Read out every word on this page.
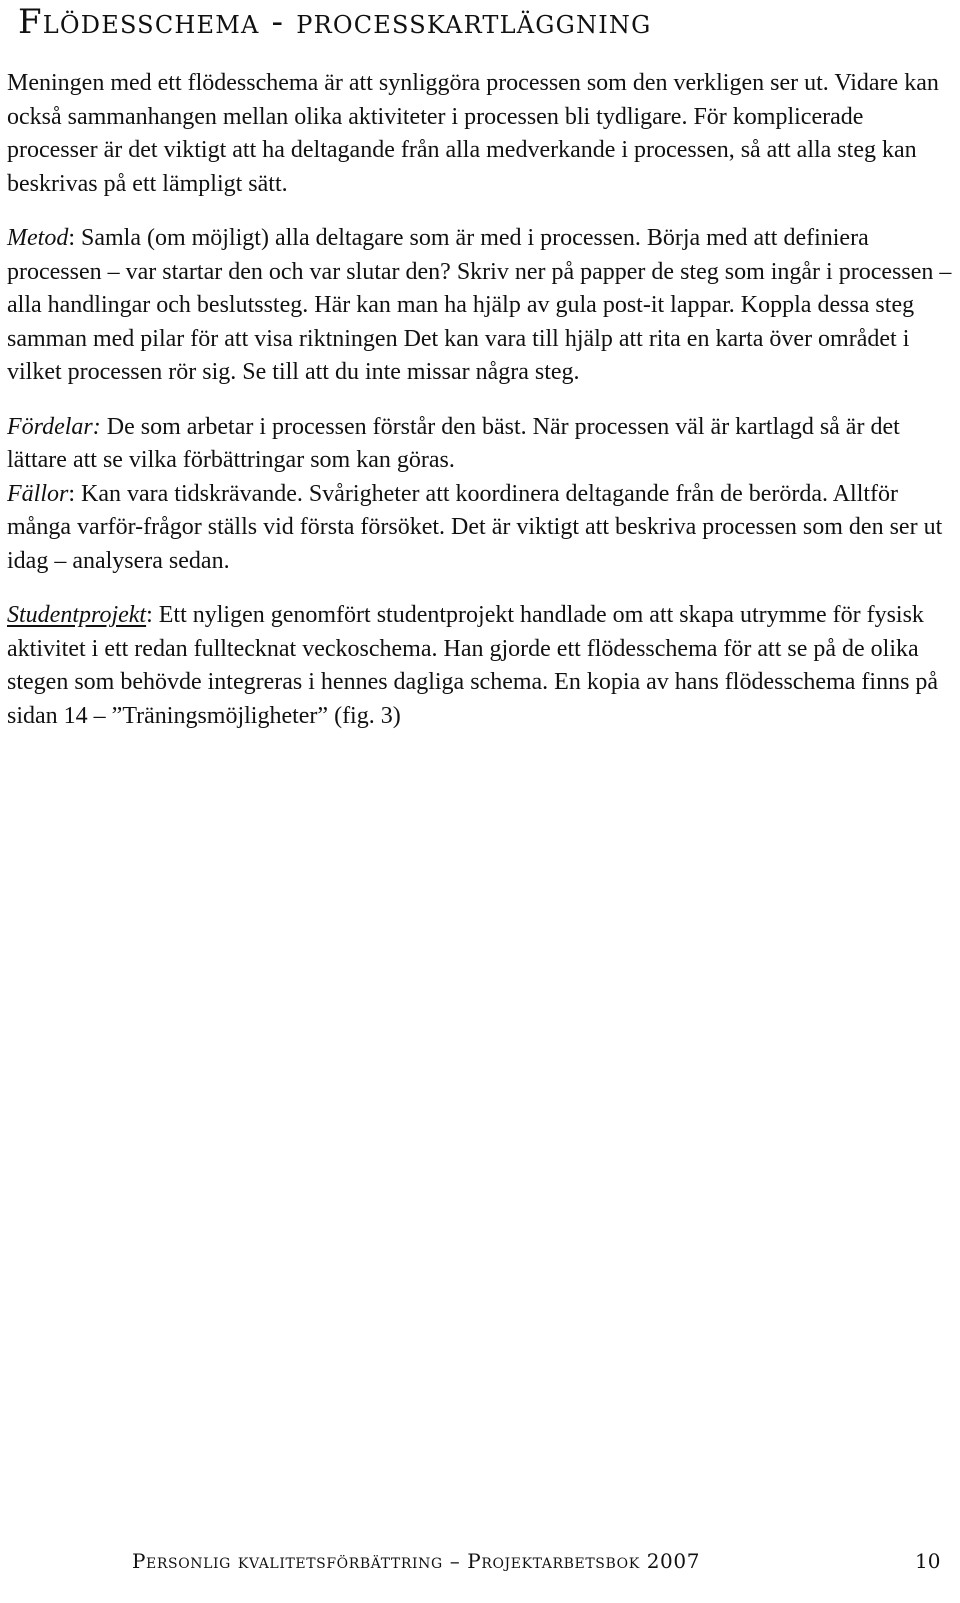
Flödesschema - processkartläggning

Meningen med ett flödesschema är att synliggöra processen som den verkligen ser ut. Vidare kan också sammanhangen mellan olika aktiviteter i processen bli tydligare. För komplicerade processer är det viktigt att ha deltagande från alla medverkande i processen, så att alla steg kan beskrivas på ett lämpligt sätt.

Metod: Samla (om möjligt) alla deltagare som är med i processen. Börja med att definiera processen – var startar den och var slutar den? Skriv ner på papper de steg som ingår i processen – alla handlingar och beslutssteg. Här kan man ha hjälp av gula post-it lappar. Koppla dessa steg samman med pilar för att visa riktningen Det kan vara till hjälp att rita en karta över området i vilket processen rör sig. Se till att du inte missar några steg.

Fördelar: De som arbetar i processen förstår den bäst. När processen väl är kartlagd så är det lättare att se vilka förbättringar som kan göras.

Fällor: Kan vara tidskrävande. Svårigheter att koordinera deltagande från de berörda. Alltför många varför-frågor ställs vid första försöket. Det är viktigt att beskriva processen som den ser ut idag – analysera sedan.

Studentprojekt: Ett nyligen genomfört studentprojekt handlade om att skapa utrymme för fysisk aktivitet i ett redan fulltecknat veckoschema. Han gjorde ett flödesschema för att se på de olika stegen som behövde integreras i hennes dagliga schema. En kopia av hans flödesschema finns på sidan 14 – ”Träningsmöjligheter” (fig. 3)

Personlig kvalitetsförbättring – Projektarbetsbok 2007	10
